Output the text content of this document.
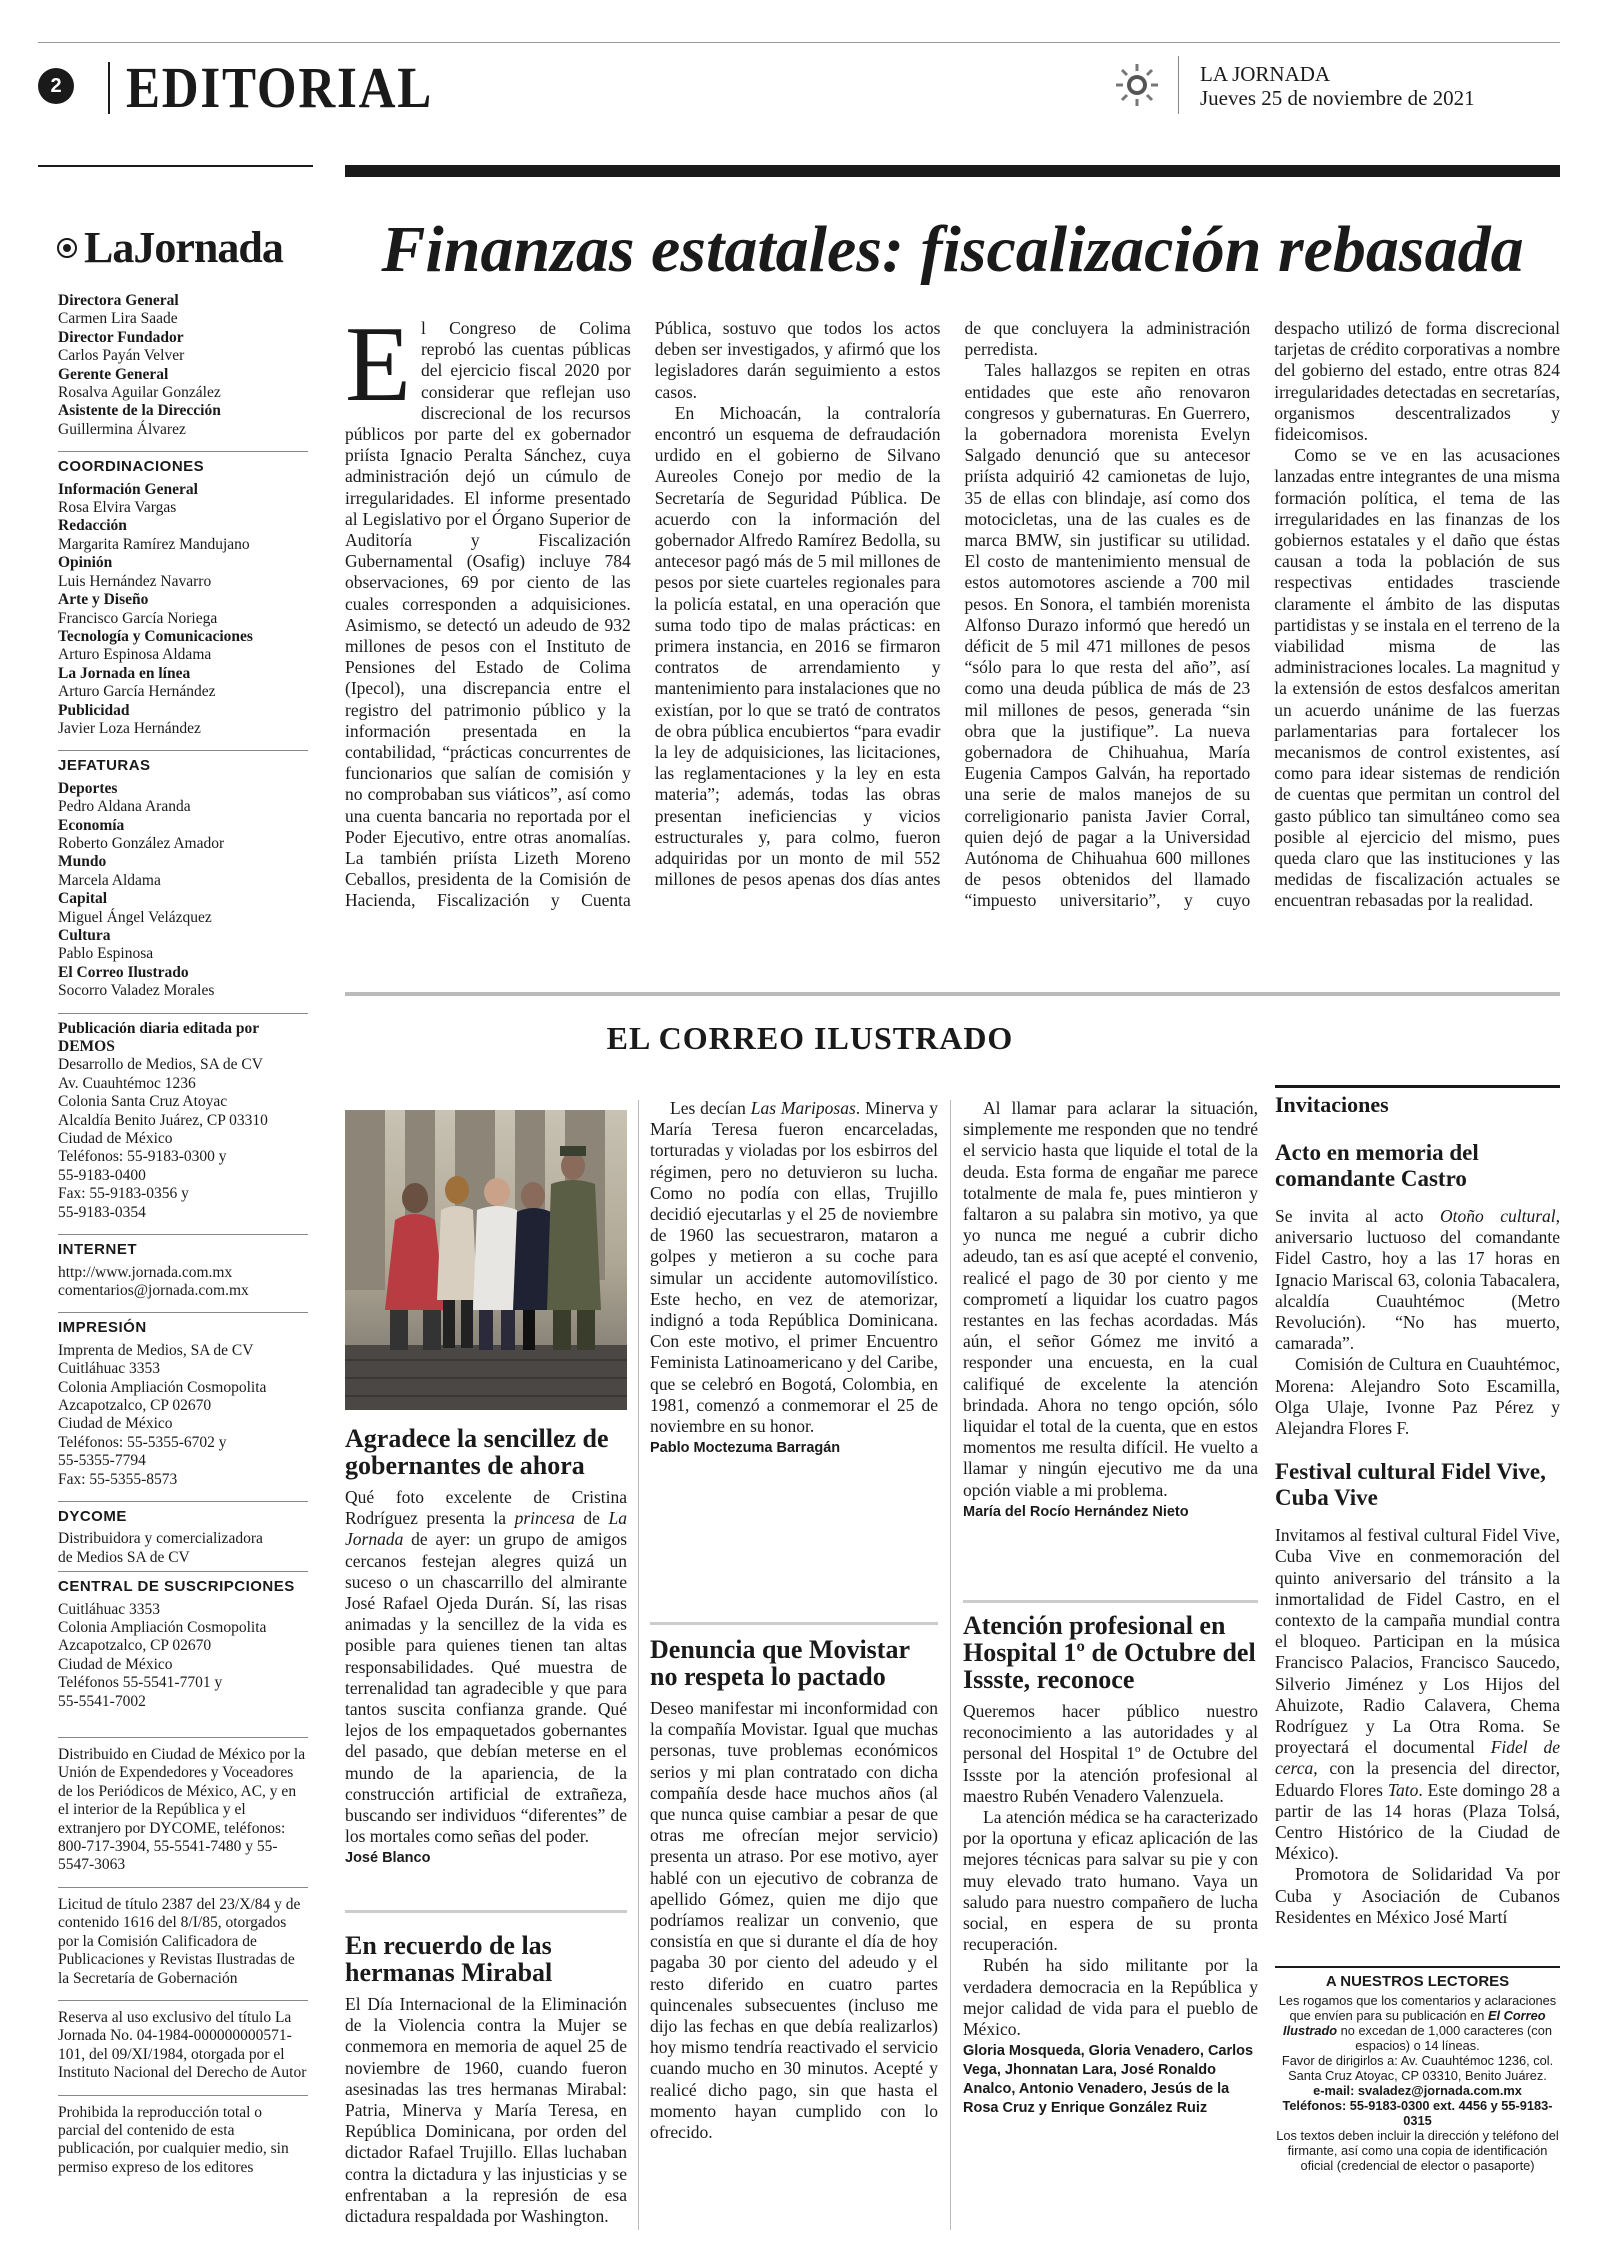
2 EDITORIAL	LA JORNADA
Jueves 25 de noviembre de 2021
LaJornada
Directora General
Carmen Lira Saade
Director Fundador
Carlos Payán Velver
Gerente General
Rosalva Aguilar González
Asistente de la Dirección
Guillermina Álvarez
COORDINACIONES
Información General
Rosa Elvira Vargas
Redacción
Margarita Ramírez Mandujano
Opinión
Luis Hernández Navarro
Arte y Diseño
Francisco García Noriega
Tecnología y Comunicaciones
Arturo Espinosa Aldama
La Jornada en línea
Arturo García Hernández
Publicidad
Javier Loza Hernández
JEFATURAS
Deportes
Pedro Aldana Aranda
Economía
Roberto González Amador
Mundo
Marcela Aldama
Capital
Miguel Ángel Velázquez
Cultura
Pablo Espinosa
El Correo Ilustrado
Socorro Valadez Morales
Publicación diaria editada por DEMOS
Desarrollo de Medios, SA de CV
Av. Cuauhtémoc 1236
Colonia Santa Cruz Atoyac
Alcaldía Benito Juárez, CP 03310
Ciudad de México
Teléfonos: 55-9183-0300 y
55-9183-0400
Fax: 55-9183-0356 y
55-9183-0354
INTERNET
http://www.jornada.com.mx
comentarios@jornada.com.mx
IMPRESIÓN
Imprenta de Medios, SA de CV
Cuitláhuac 3353
Colonia Ampliación Cosmopolita
Azcapotzalco, CP 02670
Ciudad de México
Teléfonos: 55-5355-6702 y
55-5355-7794
Fax: 55-5355-8573
DYCOME
Distribuidora y comercializadora
de Medios SA de CV
CENTRAL DE SUSCRIPCIONES
Cuitláhuac 3353
Colonia Ampliación Cosmopolita
Azcapotzalco, CP 02670
Ciudad de México
Teléfonos 55-5541-7701 y
55-5541-7002
Distribuido en Ciudad de México por la Unión de Expendedores y Voceadores de los Periódicos de México, AC, y en el interior de la República y el extranjero por DYCOME, teléfonos: 800-717-3904, 55-5541-7480 y 55-5547-3063
Licitud de título 2387 del 23/X/84 y de contenido 1616 del 8/I/85, otorgados por la Comisión Calificadora de Publicaciones y Revistas Ilustradas de la Secretaría de Gobernación
Reserva al uso exclusivo del título La Jornada No. 04-1984-000000000571-101, del 09/XI/1984, otorgada por el Instituto Nacional del Derecho de Autor
Prohibida la reproducción total o parcial del contenido de esta publicación, por cualquier medio, sin permiso expreso de los editores
Finanzas estatales: fiscalización rebasada

El Congreso de Colima reprobó las cuentas públicas del ejercicio fiscal 2020 por considerar que reflejan uso discrecional de los recursos públicos por parte del ex gobernador priísta Ignacio Peralta Sánchez, cuya administración dejó un cúmulo de irregularidades. El informe presentado al Legislativo por el Órgano Superior de Auditoría y Fiscalización Gubernamental (Osafig) incluye 784 observaciones, 69 por ciento de las cuales corresponden a adquisiciones. Asimismo, se detectó un adeudo de 932 millones de pesos con el Instituto de Pensiones del Estado de Colima (Ipecol), una discrepancia entre el registro del patrimonio público y la información presentada en la contabilidad, “prácticas concurrentes de funcionarios que salían de comisión y no comprobaban sus viáticos”, así como una cuenta bancaria no reportada por el Poder Ejecutivo, entre otras anomalías. La también priísta Lizeth Moreno Ceballos, presidenta de la Comisión de Hacienda, Fiscalización y Cuenta Pública, sostuvo que todos los actos deben ser investigados, y afirmó que los legisladores darán seguimiento a estos casos.

En Michoacán, la contraloría encontró un esquema de defraudación urdido en el gobierno de Silvano Aureoles Conejo por medio de la Secretaría de Seguridad Pública. De acuerdo con la información del gobernador Alfredo Ramírez Bedolla, su antecesor pagó más de 5 mil millones de pesos por siete cuarteles regionales para la policía estatal, en una operación que suma todo tipo de malas prácticas: en primera instancia, en 2016 se firmaron contratos de arrendamiento y mantenimiento para instalaciones que no existían, por lo que se trató de contratos de obra pública encubiertos “para evadir la ley de adquisiciones, las licitaciones, las reglamentaciones y la ley en esta materia”; además, todas las obras presentan ineficiencias y vicios estructurales y, para colmo, fueron adquiridas por un monto de mil 552 millones de pesos apenas dos días antes de que concluyera la administración perredista.

Tales hallazgos se repiten en otras entidades que este año renovaron congresos y gubernaturas. En Guerrero, la gobernadora morenista Evelyn Salgado denunció que su antecesor priísta adquirió 42 camionetas de lujo, 35 de ellas con blindaje, así como dos motocicletas, una de las cuales es de marca BMW, sin justificar su utilidad. El costo de mantenimiento mensual de estos automotores asciende a 700 mil pesos. En Sonora, el también morenista Alfonso Durazo informó que heredó un déficit de 5 mil 471 millones de pesos “sólo para lo que resta del año”, así como una deuda pública de más de 23 mil millones de pesos, generada “sin obra que la justifique”. La nueva gobernadora de Chihuahua, María Eugenia Campos Galván, ha reportado una serie de malos manejos de su correligionario panista Javier Corral, quien dejó de pagar a la Universidad Autónoma de Chihuahua 600 millones de pesos obtenidos del llamado “impuesto universitario”, y cuyo despacho utilizó de forma discrecional tarjetas de crédito corporativas a nombre del gobierno del estado, entre otras 824 irregularidades detectadas en secretarías, organismos descentralizados y fideicomisos.

Como se ve en las acusaciones lanzadas entre integrantes de una misma formación política, el tema de las irregularidades en las finanzas de los gobiernos estatales y el daño que éstas causan a toda la población de sus respectivas entidades trasciende claramente el ámbito de las disputas partidistas y se instala en el terreno de la viabilidad misma de las administraciones locales. La magnitud y la extensión de estos desfalcos ameritan un acuerdo unánime de las fuerzas parlamentarias para fortalecer los mecanismos de control existentes, así como para idear sistemas de rendición de cuentas que permitan un control del gasto público tan simultáneo como sea posible al ejercicio del mismo, pues queda claro que las instituciones y las medidas de fiscalización actuales se encuentran rebasadas por la realidad.

EL CORREO ILUSTRADO
Agradece la sencillez de gobernantes de ahora

Qué foto excelente de Cristina Rodríguez presenta la princesa de La Jornada de ayer: un grupo de amigos cercanos festejan alegres quizá un suceso o un chascarrillo del almirante José Rafael Ojeda Durán. Sí, las risas animadas y la sencillez de la vida es posible para quienes tienen tan altas responsabilidades. Qué muestra de terrenalidad tan agradecible y que para tantos suscita confianza grande. Qué lejos de los empaquetados gobernantes del pasado, que debían meterse en el mundo de la apariencia, de la construcción artificial de extrañeza, buscando ser individuos “diferentes” de los mortales como señas del poder.

José Blanco
En recuerdo de las hermanas Mirabal

El Día Internacional de la Eliminación de la Violencia contra la Mujer se conmemora en memoria de aquel 25 de noviembre de 1960, cuando fueron asesinadas las tres hermanas Mirabal: Patria, Minerva y María Teresa, en República Dominicana, por orden del dictador Rafael Trujillo. Ellas luchaban contra la dictadura y las injusticias y se enfrentaban a la represión de esa dictadura respaldada por Washington.

Les decían Las Mariposas. Minerva y María Teresa fueron encarceladas, torturadas y violadas por los esbirros del régimen, pero no detuvieron su lucha. Como no podía con ellas, Trujillo decidió ejecutarlas y el 25 de noviembre de 1960 las secuestraron, mataron a golpes y metieron a su coche para simular un accidente automovilístico. Este hecho, en vez de atemorizar, indignó a toda República Dominicana. Con este motivo, el primer Encuentro Feminista Latinoamericano y del Caribe, que se celebró en Bogotá, Colombia, en 1981, comenzó a conmemorar el 25 de noviembre en su honor.

Pablo Moctezuma Barragán
Denuncia que Movistar no respeta lo pactado

Deseo manifestar mi inconformidad con la compañía Movistar. Igual que muchas personas, tuve problemas económicos serios y mi plan contratado con dicha compañía desde hace muchos años (al que nunca quise cambiar a pesar de que otras me ofrecían mejor servicio) presenta un atraso. Por ese motivo, ayer hablé con un ejecutivo de cobranza de apellido Gómez, quien me dijo que podríamos realizar un convenio, que consistía en que si durante el día de hoy pagaba 30 por ciento del adeudo y el resto diferido en cuatro partes quincenales subsecuentes (incluso me dijo las fechas en que debía realizarlos) hoy mismo tendría reactivado el servicio cuando mucho en 30 minutos. Acepté y realicé dicho pago, sin que hasta el momento hayan cumplido con lo ofrecido.

Al llamar para aclarar la situación, simplemente me responden que no tendré el servicio hasta que liquide el total de la deuda. Esta forma de engañar me parece totalmente de mala fe, pues mintieron y faltaron a su palabra sin motivo, ya que yo nunca me negué a cubrir dicho adeudo, tan es así que acepté el convenio, realicé el pago de 30 por ciento y me comprometí a liquidar los cuatro pagos restantes en las fechas acordadas. Más aún, el señor Gómez me invitó a responder una encuesta, en la cual califiqué de excelente la atención brindada. Ahora no tengo opción, sólo liquidar el total de la cuenta, que en estos momentos me resulta difícil. He vuelto a llamar y ningún ejecutivo me da una opción viable a mi problema.

María del Rocío Hernández Nieto
Atención profesional en Hospital 1º de Octubre del Issste, reconoce

Queremos hacer público nuestro reconocimiento a las autoridades y al personal del Hospital 1º de Octubre del Issste por la atención profesional al maestro Rubén Venadero Valenzuela.

La atención médica se ha caracterizado por la oportuna y eficaz aplicación de las mejores técnicas para salvar su pie y con muy elevado trato humano. Vaya un saludo para nuestro compañero de lucha social, en espera de su pronta recuperación.

Rubén ha sido militante por la verdadera democracia en la República y mejor calidad de vida para el pueblo de México.

Gloria Mosqueda, Gloria Venadero, Carlos Vega, Jhonnatan Lara, José Ronaldo Analco, Antonio Venadero, Jesús de la Rosa Cruz y Enrique González Ruiz
Invitaciones
Acto en memoria del comandante Castro

Se invita al acto Otoño cultural, aniversario luctuoso del comandante Fidel Castro, hoy a las 17 horas en Ignacio Mariscal 63, colonia Tabacalera, alcaldía Cuauhtémoc (Metro Revolución). “No has muerto, camarada”.

Comisión de Cultura en Cuauhtémoc, Morena: Alejandro Soto Escamilla, Olga Ulaje, Ivonne Paz Pérez y Alejandra Flores F.

Festival cultural Fidel Vive, Cuba Vive

Invitamos al festival cultural Fidel Vive, Cuba Vive en conmemoración del quinto aniversario del tránsito a la inmortalidad de Fidel Castro, en el contexto de la campaña mundial contra el bloqueo. Participan en la música Francisco Palacios, Francisco Saucedo, Silverio Jiménez y Los Hijos del Ahuizote, Radio Calavera, Chema Rodríguez y La Otra Roma. Se proyectará el documental Fidel de cerca, con la presencia del director, Eduardo Flores Tato. Este domingo 28 a partir de las 14 horas (Plaza Tolsá, Centro Histórico de la Ciudad de México).

Promotora de Solidaridad Va por Cuba y Asociación de Cubanos Residentes en México José Martí

A NUESTROS LECTORES
Les rogamos que los comentarios y aclaraciones que envíen para su publicación en El Correo Ilustrado no excedan de 1,000 caracteres (con espacios) o 14 líneas.
Favor de dirigirlos a: Av. Cuauhtémoc 1236, col. Santa Cruz Atoyac, CP 03310, Benito Juárez.
e-mail: svaladez@jornada.com.mx
Teléfonos: 55-9183-0300 ext. 4456 y 55-9183-0315
Los textos deben incluir la dirección y teléfono del firmante, así como una copia de identificación oficial (credencial de elector o pasaporte)
